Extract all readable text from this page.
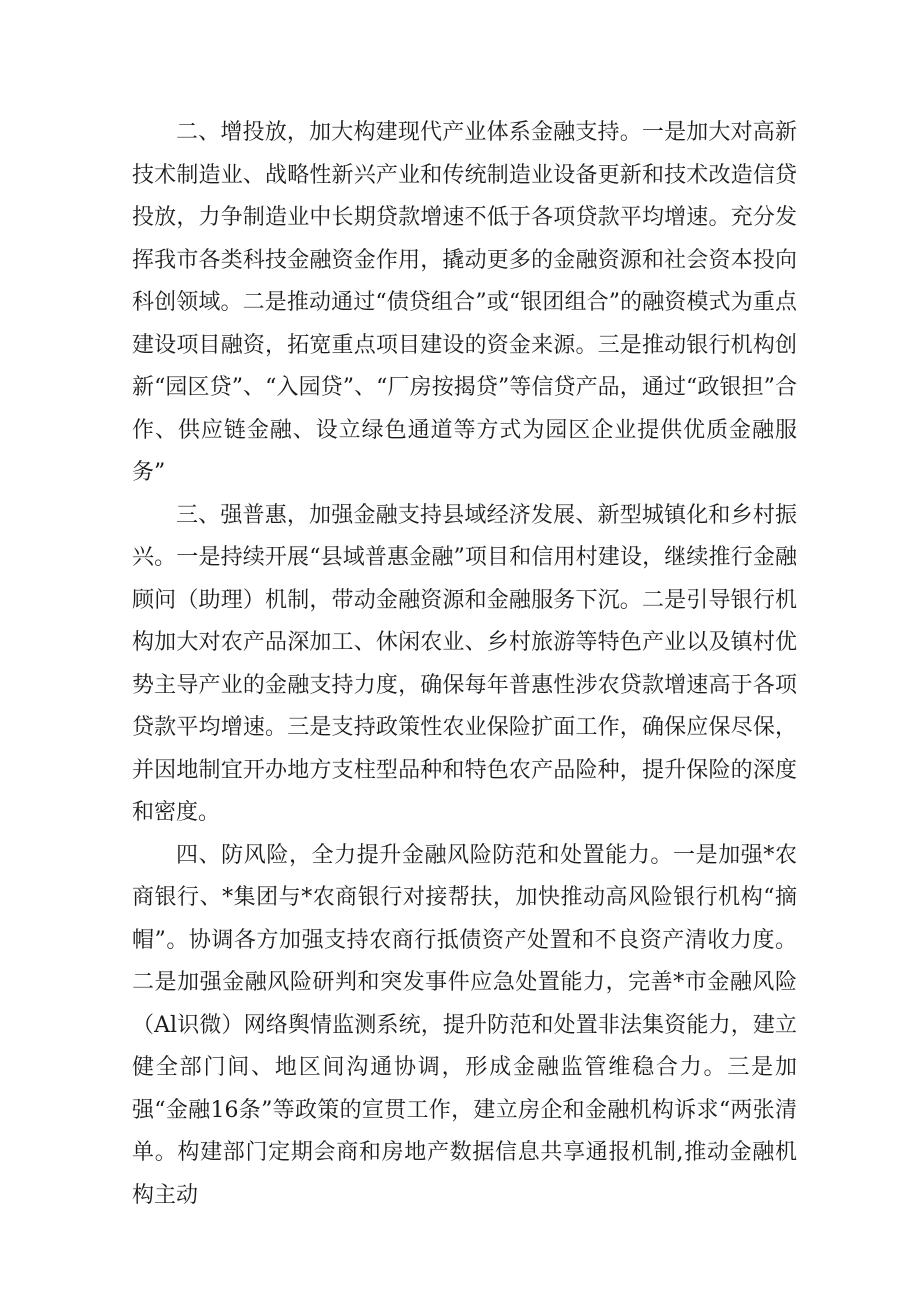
二、增投放，加大构建现代产业体系金融支持。一是加大对高新技术制造业、战略性新兴产业和传统制造业设备更新和技术改造信贷投放，力争制造业中长期贷款增速不低于各项贷款平均增速。充分发挥我市各类科技金融资金作用，撬动更多的金融资源和社会资本投向科创领域。二是推动通过“债贷组合”或“银团组合”的融资模式为重点建设项目融资，拓宽重点项目建设的资金来源。三是推动银行机构创新“园区贷”、“入园贷”、“厂房按揭贷”等信贷产品，通过“政银担”合作、供应链金融、设立绿色通道等方式为园区企业提供优质金融服务”

三、强普惠，加强金融支持县域经济发展、新型城镇化和乡村振兴。一是持续开展“县域普惠金融”项目和信用村建设，继续推行金融顾问（助理）机制，带动金融资源和金融服务下沉。二是引导银行机构加大对农产品深加工、休闲农业、乡村旅游等特色产业以及镇村优势主导产业的金融支持力度，确保每年普惠性涉农贷款增速高于各项贷款平均增速。三是支持政策性农业保险扩面工作，确保应保尽保，并因地制宜开办地方支柱型品种和特色农产品险种，提升保险的深度和密度。

四、防风险，全力提升金融风险防范和处置能力。一是加强*农商银行、*集团与*农商银行对接帮扶，加快推动高风险银行机构“摘帽”。协调各方加强支持农商行抵债资产处置和不良资产清收力度。二是加强金融风险研判和突发事件应急处置能力，完善*市金融风险（Al识微）网络舆情监测系统，提升防范和处置非法集资能力，建立健全部门间、地区间沟通协调，形成金融监管维稳合力。三是加强“金融16条”等政策的宣贯工作，建立房企和金融机构诉求“两张清单。构建部门定期会商和房地产数据信息共享通报机制,推动金融机构主动
